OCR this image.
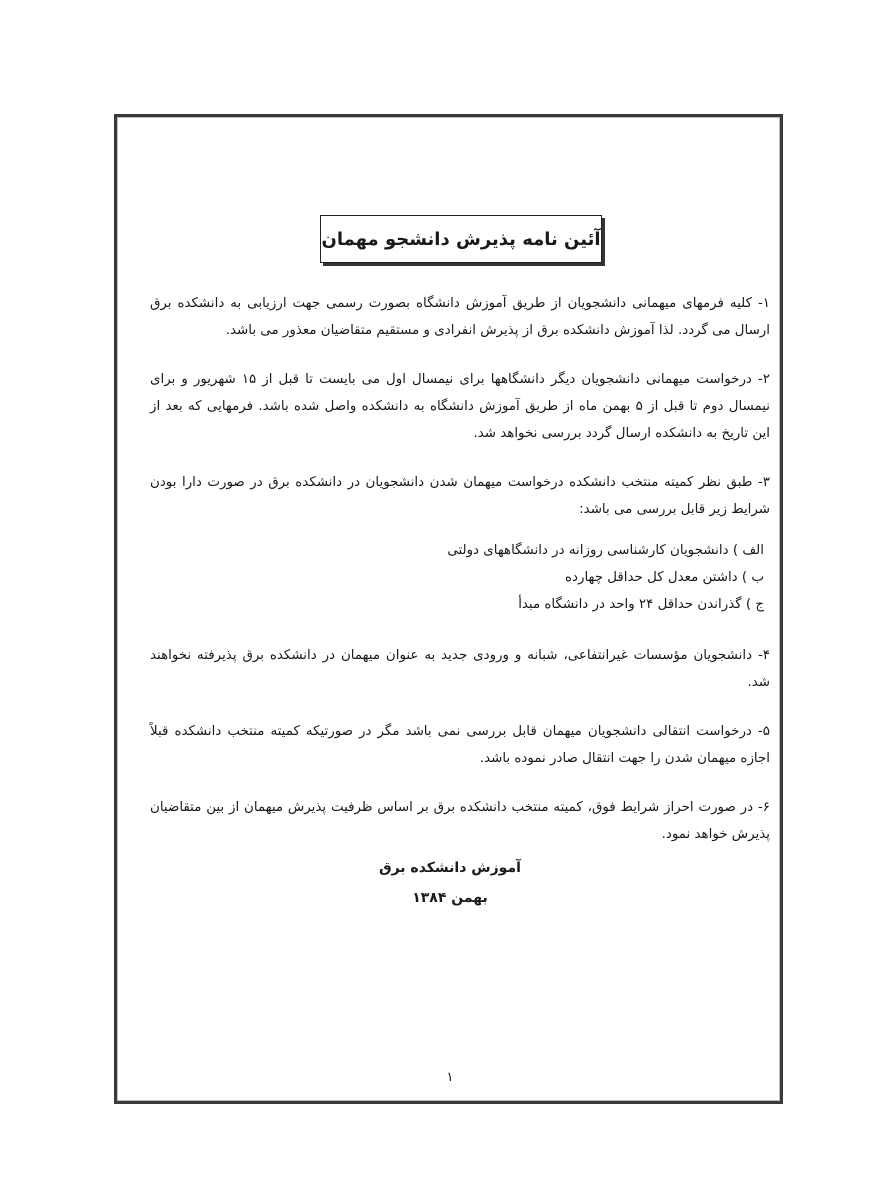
آئین نامه پذیرش دانشجو مهمان
۱- کلیه فرمهای میهمانی دانشجویان از طریق آموزش دانشگاه بصورت رسمی جهت ارزیابی به دانشکده برق ارسال می گردد. لذا آموزش دانشکده برق از پذیرش انفرادی و مستقیم متقاضیان معذور می باشد.
۲- درخواست میهمانی دانشجویان دیگر دانشگاهها برای نیمسال اول می بایست تا قبل از ۱۵ شهریور و برای نیمسال دوم تا قبل از ۵ بهمن ماه از طریق آموزش دانشگاه به دانشکده واصل شده باشد. فرمهایی که بعد از این تاریخ به دانشکده ارسال گردد بررسی نخواهد شد.
۳- طبق نظر کمیته منتخب دانشکده درخواست میهمان شدن دانشجویان در دانشکده برق در صورت دارا بودن شرایط زیر قابل بررسی می باشد:
الف ) دانشجویان کارشناسی روزانه در دانشگاههای دولتی
ب ) داشتن معدل کل حداقل چهارده
ج ) گذراندن حداقل ۲۴ واحد در دانشگاه مبدأ
۴- دانشجویان مؤسسات غیرانتفاعی، شبانه و ورودی جدید به عنوان میهمان در دانشکده برق پذیرفته نخواهند شد.
۵- درخواست انتقالی دانشجویان میهمان قابل بررسی نمی باشد مگر در صورتیکه کمیته منتخب دانشکده قبلاً اجازه میهمان شدن را جهت انتقال صادر نموده باشد.
۶- در صورت احراز شرایط فوق، کمیته منتخب دانشکده برق بر اساس ظرفیت پذیرش میهمان از بین متقاضیان پذیرش خواهد نمود.
آموزش دانشکده برق
بهمن ۱۳۸۴
۱
